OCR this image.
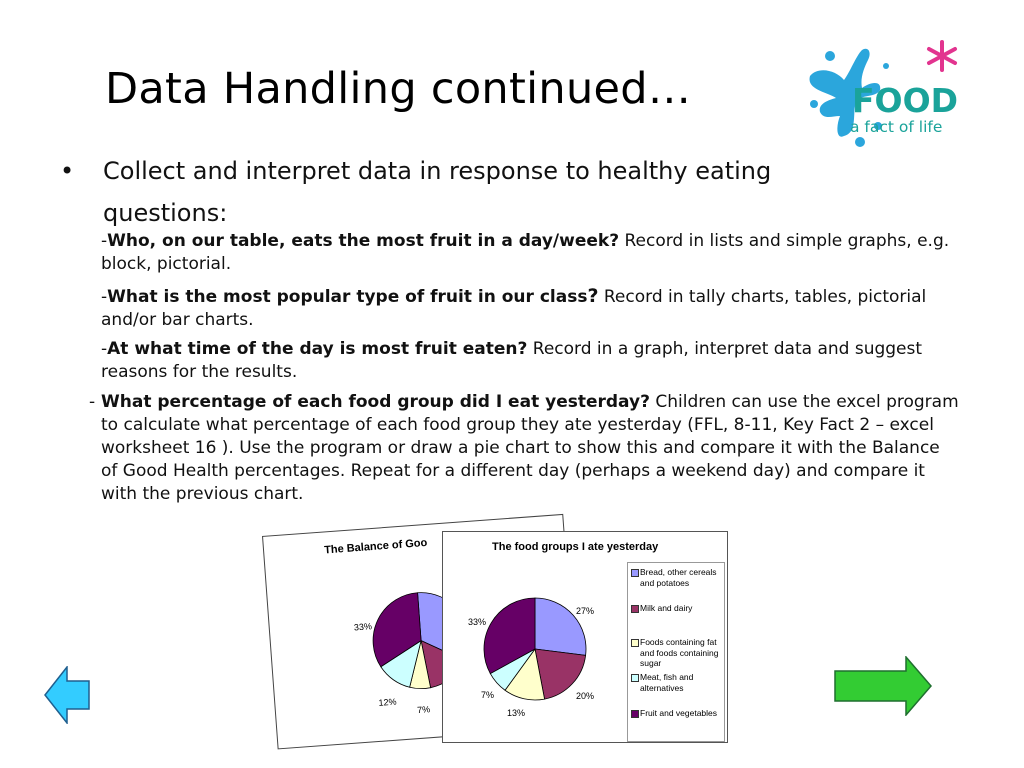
Data Handling continued…	FOOD
a fact of life
• Collect and interpret data in response to healthy eating questions:
-Who, on our table, eats the most fruit in a day/week? Record in lists and simple graphs, e.g. block, pictorial.
-What is the most popular type of fruit in our class? Record in tally charts, tables, pictorial and/or bar charts.
-At what time of the day is most fruit eaten? Record in a graph, interpret data and suggest reasons for the results.
- What percentage of each food group did I eat yesterday? Children can use the excel program to calculate what percentage of each food group they ate yesterday (FFL, 8-11, Key Fact 2 – excel worksheet 16 ). Use the program or draw a pie chart to show this and compare it with the Balance of Good Health percentages. Repeat for a different day (perhaps a weekend day) and compare it with the previous chart.
The Balance of Goo
33%
12%
7%
The food groups I ate yesterday
27%
20%
13%
7%
33%
Bread, other cereals and potatoes
Milk and dairy
Foods containing fat and foods containing sugar
Meat, fish and alternatives
Fruit and vegetables
